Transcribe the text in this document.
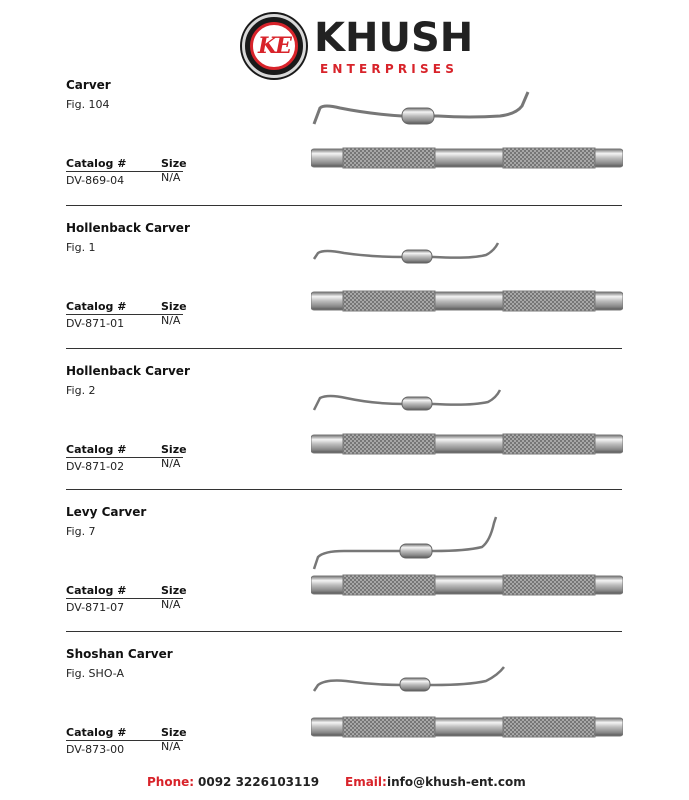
KE KHUSH
ENTERPRISES
Carver
Fig. 104
Catalog #	Size
DV-869-04	N/A
Hollenback Carver
Fig. 1
Catalog #	Size
DV-871-01	N/A
Hollenback Carver
Fig. 2
Catalog #	Size
DV-871-02	N/A
Levy Carver
Fig. 7
Catalog #	Size
DV-871-07	N/A
Shoshan Carver
Fig. SHO-A
Catalog #	Size
DV-873-00	N/A
Phone: 0092 3226103119 Email: info@khush-ent.com
